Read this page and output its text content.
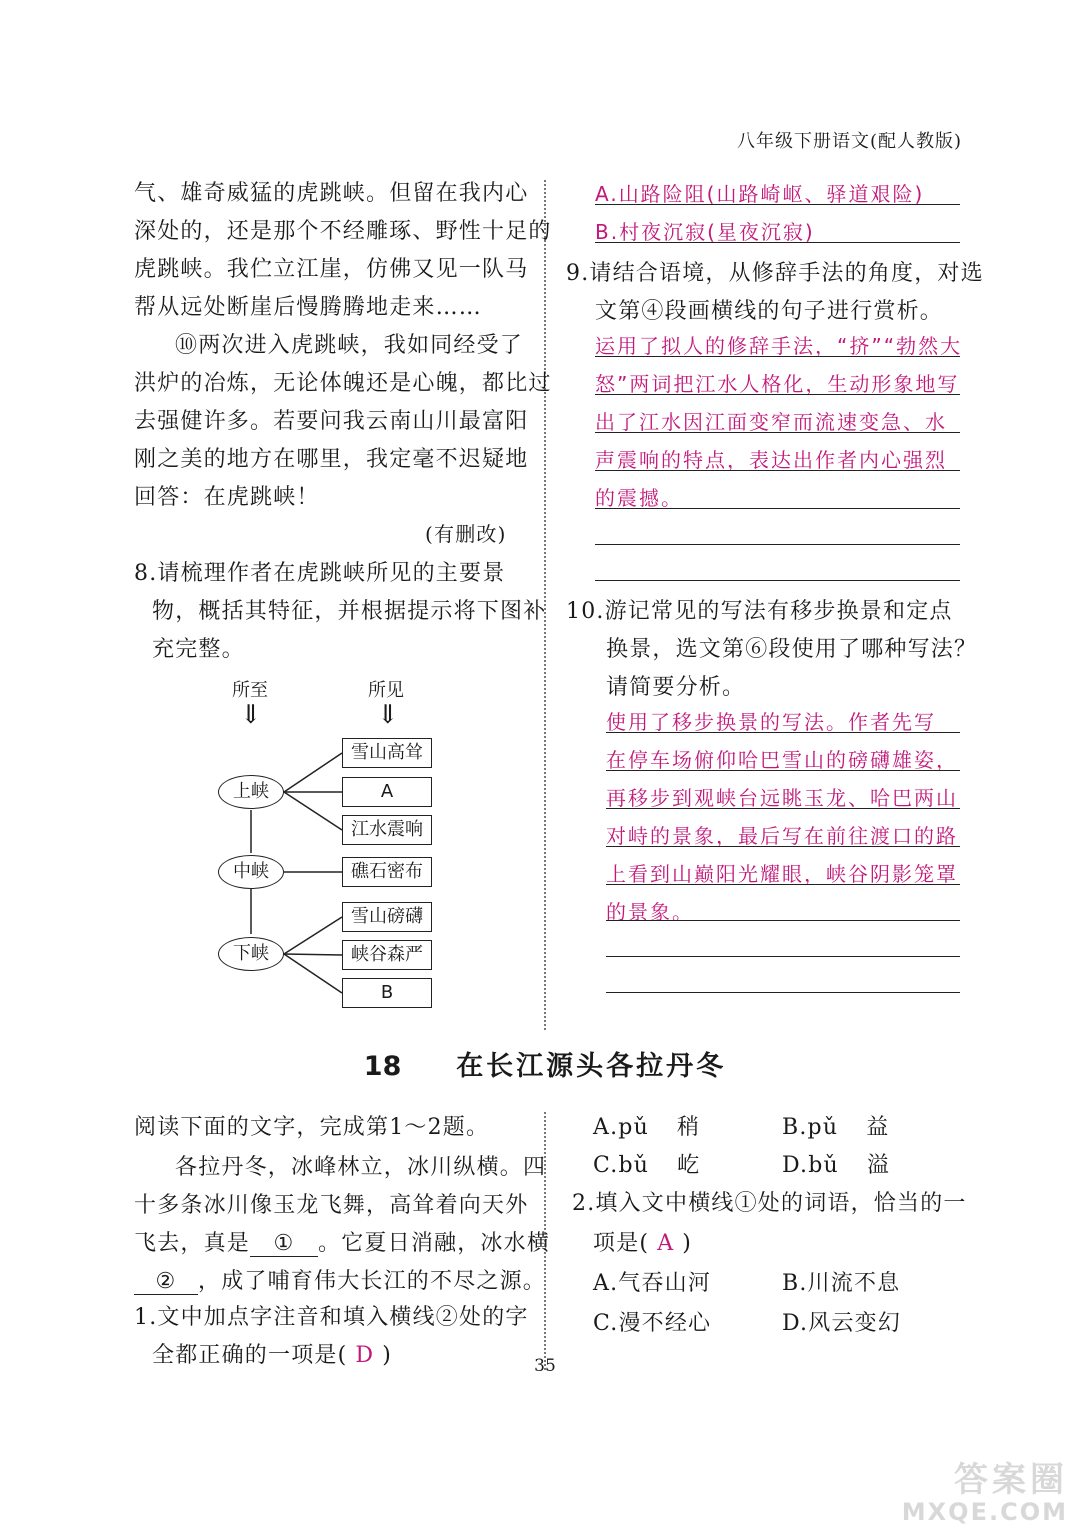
八年级下册语文(配人教版)
气、雄奇威猛的虎跳峡。但留在我内心
深处的，还是那个不经雕琢、野性十足的
虎跳峡。我伫立江崖，仿佛又见一队马
帮从远处断崖后慢腾腾地走来……
⑩两次进入虎跳峡，我如同经受了
洪炉的冶炼，无论体魄还是心魄，都比过
去强健许多。若要问我云南山川最富阳
刚之美的地方在哪里，我定毫不迟疑地
回答：在虎跳峡！
(有删改)
8.请梳理作者在虎跳峡所见的主要景
物，概括其特征，并根据提示将下图补
充完整。
所至	所见
⇓	⇓
上峡
中峡
下峡
雪山高耸
A
江水震响
礁石密布
雪山磅礴
峡谷森严
B
A.山路险阻(山路崎岖、驿道艰险)
B.村夜沉寂(星夜沉寂)
9.请结合语境，从修辞手法的角度，对选
文第④段画横线的句子进行赏析。
运用了拟人的修辞手法，“挤”“勃然大
怒”两词把江水人格化，生动形象地写
出了江水因江面变窄而流速变急、水
声震响的特点，表达出作者内心强烈
的震撼。
10.游记常见的写法有移步换景和定点
换景，选文第⑥段使用了哪种写法？
请简要分析。
使用了移步换景的写法。作者先写
在停车场俯仰哈巴雪山的磅礴雄姿，
再移步到观峡台远眺玉龙、哈巴两山
对峙的景象，最后写在前往渡口的路
上看到山巅阳光耀眼，峡谷阴影笼罩
的景象。
18 在长江源头各拉丹冬
阅读下面的文字，完成第1～2题。
各拉丹冬，冰峰林立，冰川纵横。四
十多条冰川像玉龙飞舞，高耸着向天外
飞去，真是 ① 。它夏日消融，冰水横
② ，成了哺育伟大长江的不尽之源。
1.文中加点字注音和填入横线②处的字
全都正确的一项是( D )
A.pǔ 稍	B.pǔ 益
C.bǔ 屹	D.bǔ 溢
2.填入文中横线①处的词语，恰当的一
项是( A )
A.气吞山河	B.川流不息
C.漫不经心	D.风云变幻
35
答案圈
MXQE.COM
